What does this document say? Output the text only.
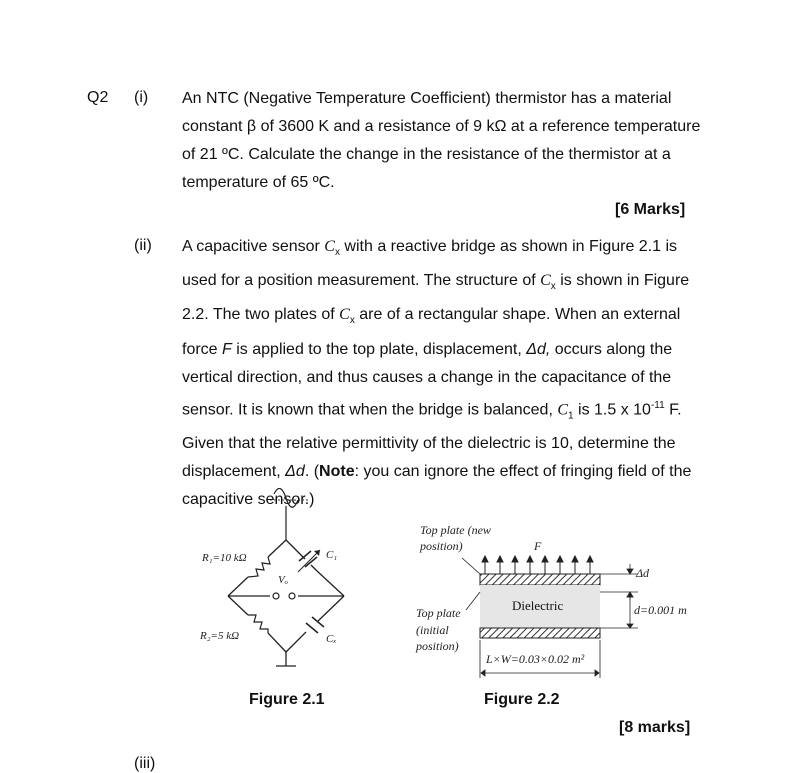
Q2 (i) An NTC (Negative Temperature Coefficient) thermistor has a material constant β of 3600 K and a resistance of 9 kΩ at a reference temperature of 21 ºC. Calculate the change in the resistance of the thermistor at a temperature of 65 ºC.

[6 Marks]
(ii) A capacitive sensor $C_x$ with a reactive bridge as shown in Figure 2.1 is used for a position measurement. The structure of $C_x$ is shown in Figure 2.2. The two plates of $C_x$ are of a rectangular shape. When an external force F is applied to the top plate, displacement, Δd, occurs along the vertical direction, and thus causes a change in the capacitance of the sensor. It is known that when the bridge is balanced, $C_1$ is 1.5 x $10^{-11}$ F. Given that the relative permittivity of the dielectric is 10, determine the displacement, Δd. (Note: you can ignore the effect of fringing field of the capacitive sensor.)

R₁=10 kΩ
R₂=5 kΩ
C₁
Cₓ
Vₒ
Figure 2.1
Top plate (new
position)	F
Dielectric
Top plate
(initial
position)
Δd
d=0.001 m
L×W=0.03×0.02 m²
Figure 2.2
[8 marks]
(iii)
